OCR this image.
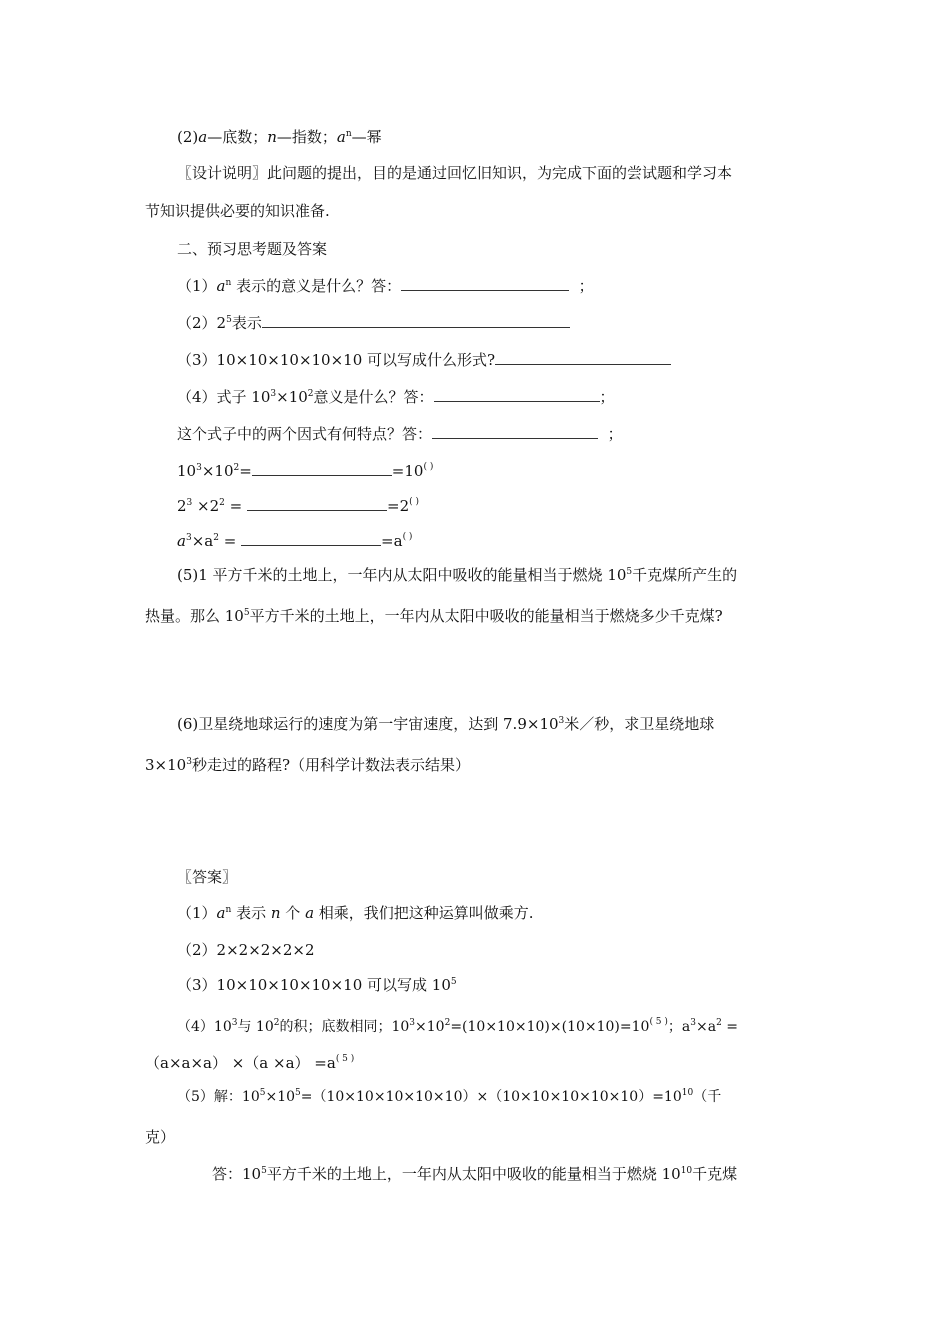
(2)a—底数；n—指数；$a^n—$幂
〖设计说明〗此问题的提出，目的是通过回忆旧知识，为完成下面的尝试题和学习本
节知识提供必要的知识准备.
二、预习思考题及答案
$(1)a^n$ 表示的意义是什么？答：	；
$(2)2^5$表示
（3）10×10×10×10×10 可以写成什么形式?
（4）式子 $10^3\times 10^2$意义是什么？答：	；
这个式子中的两个因式有何特点？答：	；
$10^3\times 10^2=$	=10( )
$2^3 \times 2^2$ =	=2( )
$a^3\times a^2$ =	=a( )
(5)1 平方千米的土地上，一年内从太阳中吸收的能量相当于燃烧 $10^5$千克煤所产生的
热量。那么 $10^5$平方千米的土地上，一年内从太阳中吸收的能量相当于燃烧多少千克煤?
(6)卫星绕地球运行的速度为第一宇宙速度，达到 $7.9\times 10^3$米／秒，求卫星绕地球
$3\times 10^3$秒走过的路程?（用科学计数法表示结果）
〖答案〗
$(1)a^n$ 表示 n 个 a 相乘，我们把这种运算叫做乘方.
（2）2×2×2×2×2
（3）10×10×10×10×10 可以写成 $10^5$
$(4)10^3$与 $10^2$的积；底数相同；$10^3\times 10^2=(10\times 10\times 10)\times(10\times 10)=10^{( 5 )}$；$a^3\times a^2$ =
$(a\times a\times a) \times(a \times a) =a^{( 5 )}$
（5）解：$10^5\times 10^5=(10\times 10\times 10\times 10\times 10)\times(10\times 10\times 10\times 10\times 10)=10^{10}$（千
克）
答：$10^5$平方千米的土地上，一年内从太阳中吸收的能量相当于燃烧 $10^{10}$千克煤
